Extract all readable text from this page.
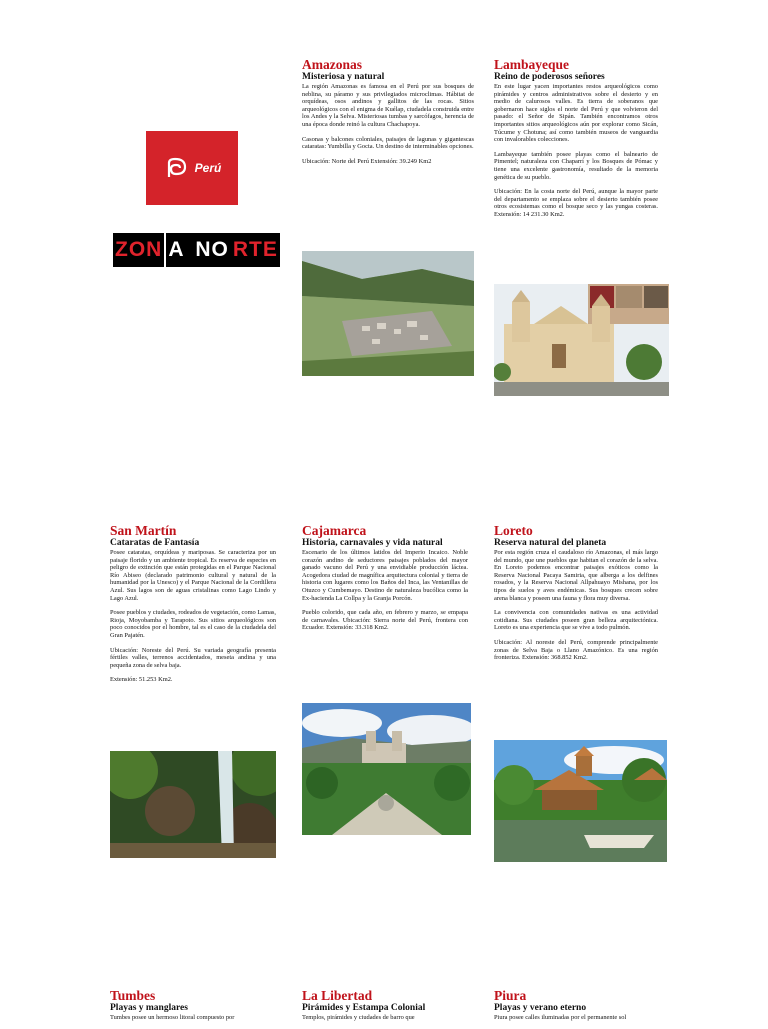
Perú
ZON A NO RTE
Amazonas
Misteriosa y natural

La región Amazonas es famosa en el Perú por sus bosques de neblina, su páramo y sus privilegiados microclimas. Hábitat de orquídeas, osos andinos y gallitos de las rocas. Sitios arqueológicos con el enigma de Kuélap, ciudadela construida entre los Andes y la Selva. Misteriosas tumbas y sarcófagos, herencia de una época donde reinó la cultura Chachapoya.

Casonas y balcones coloniales, paisajes de lagunas y gigantescas cataratas: Yumbilla y Gocta. Un destino de interminables opciones.

Ubicación: Norte del Perú Extensión: 39.249 Km2

Lambayeque
Reino de poderosos señores

En este lugar yacen importantes restos arqueológicos como pirámides y centros administrativos sobre el desierto y en medio de calurosos valles. Es tierra de soberanos que gobernaron hace siglos el norte del Perú y que volvieron del pasado: el Señor de Sipán. También encontramos otros importantes sitios arqueológicos aún por explorar como Sicán, Túcume y Chotuna; así como también museos de vanguardia con invalorables colecciones.

Lambayeque también posee playas como el balneario de Pimentel; naturaleza con Chaparrí y los Bosques de Pómac y tiene una excelente gastronomía, resultado de la memoria genética de su pueblo.

Ubicación: En la costa norte del Perú, aunque la mayor parte del departamento se emplaza sobre el desierto también posee otros ecosistemas como el bosque seco y las yungas costeras. Extensión: 14 231.30 Km2.

San Martín
Cataratas de Fantasía

Posee cataratas, orquídeas y mariposas. Se caracteriza por un paisaje florido y un ambiente tropical. Es reserva de especies en peligro de extinción que están protegidas en el Parque Nacional Río Abiseo (declarado patrimonio cultural y natural de la humanidad por la Unesco) y el Parque Nacional de la Cordillera Azul. Sus lagos son de aguas cristalinas como Lago Lindo y Lago Azul.

Posee pueblos y ciudades, rodeados de vegetación, como Lamas, Rioja, Moyobamba y Tarapoto. Sus sitios arqueológicos son poco conocidos por el hombre, tal es el caso de la ciudadela del Gran Pajatén.

Ubicación: Noreste del Perú. Su variada geografía presenta fértiles valles, terrenos accidentados, meseta andina y una pequeña zona de selva baja.

Extensión: 51.253 Km2.

Cajamarca
Historia, carnavales y vida natural

Escenario de los últimos latidos del Imperio Incaico. Noble corazón andino de seductores paisajes poblados del mayor ganado vacuno del Perú y una envidiable producción láctea. Acogedora ciudad de magnífica arquitectura colonial y tierra de historia con lugares como los Baños del Inca, las Ventanillas de Otuzco y Cumbemayo. Destino de naturaleza bucólica como la Ex-hacienda La Collpa y la Granja Porcón.

Pueblo colorido, que cada año, en febrero y marzo, se empapa de carnavales. Ubicación: Sierra norte del Perú, frontera con Ecuador. Extensión: 33.318 Km2.

Loreto
Reserva natural del planeta

Por esta región cruza el caudaloso río Amazonas, el más largo del mundo, que une pueblos que habitan el corazón de la selva. En Loreto podemos encontrar paisajes exóticos como la Reserva Nacional Pacaya Samiria, que alberga a los delfines rosados, y la Reserva Nacional Allpahuayo Mishana, por los tipos de suelos y aves endémicas. Sus bosques crecen sobre arena blanca y poseen una fauna y flora muy diversa.

La convivencia con comunidades nativas es una actividad cotidiana. Sus ciudades poseen gran belleza arquitectónica. Loreto es una experiencia que se vive a todo pulmón.

Ubicación: Al noreste del Perú, comprende principalmente zonas de Selva Baja o Llano Amazónico. Es una región fronteriza. Extensión: 368.852 Km2.

Tumbes
Playas y manglares

Tumbes posee un hermoso litoral compuesto por

La Libertad
Pirámides y Estampa Colonial

Templos, pirámides y ciudades de barro que

Piura
Playas y verano eterno

Piura posee calles iluminadas por el permanente sol
